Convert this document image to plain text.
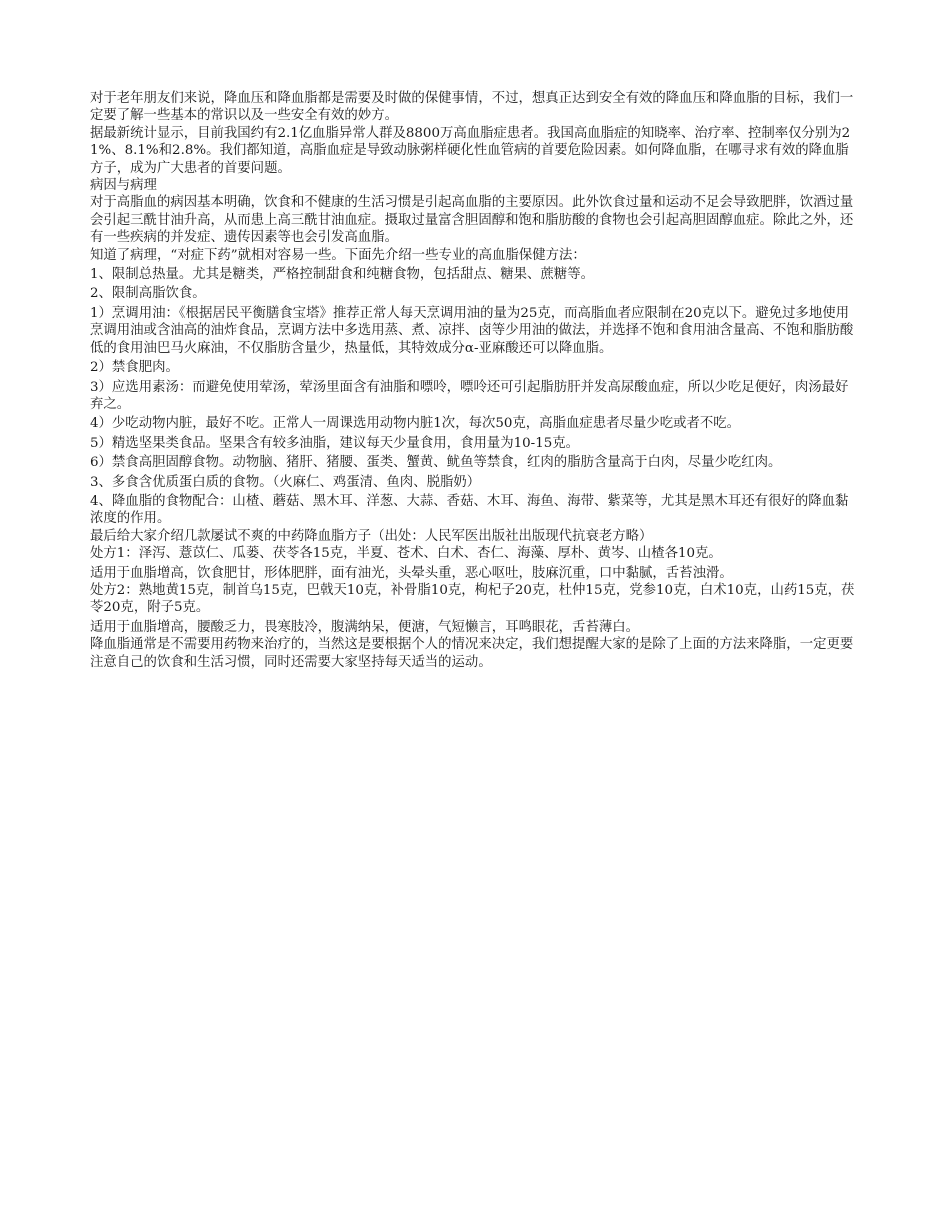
对于老年朋友们来说，降血压和降血脂都是需要及时做的保健事情，不过，想真正达到安全有效的降血压和降血脂的目标，我们一定要了解一些基本的常识以及一些安全有效的妙方。

据最新统计显示，目前我国约有2.1亿血脂异常人群及8800万高血脂症患者。我国高血脂症的知晓率、治疗率、控制率仅分别为21%、8.1%和2.8%。我们都知道，高脂血症是导致动脉粥样硬化性血管病的首要危险因素。如何降血脂，在哪寻求有效的降血脂方子，成为广大患者的首要问题。

病因与病理

对于高脂血的病因基本明确，饮食和不健康的生活习惯是引起高血脂的主要原因。此外饮食过量和运动不足会导致肥胖，饮酒过量会引起三酰甘油升高，从而患上高三酰甘油血症。摄取过量富含胆固醇和饱和脂肪酸的食物也会引起高胆固醇血症。除此之外，还有一些疾病的并发症、遗传因素等也会引发高血脂。

知道了病理，“对症下药”就相对容易一些。下面先介绍一些专业的高血脂保健方法：

1、限制总热量。尤其是糖类，严格控制甜食和纯糖食物，包括甜点、糖果、蔗糖等。

2、限制高脂饮食。

1）烹调用油：《根据居民平衡膳食宝塔》推荐正常人每天烹调用油的量为25克，而高脂血者应限制在20克以下。避免过多地使用烹调用油或含油高的油炸食品，烹调方法中多选用蒸、煮、凉拌、卤等少用油的做法，并选择不饱和食用油含量高、不饱和脂肪酸低的食用油巴马火麻油，不仅脂肪含量少，热量低，其特效成分α-亚麻酸还可以降血脂。

2）禁食肥肉。

3）应选用素汤：而避免使用荤汤，荤汤里面含有油脂和嘌呤，嘌呤还可引起脂肪肝并发高尿酸血症，所以少吃足便好，肉汤最好弃之。

4）少吃动物内脏，最好不吃。正常人一周课选用动物内脏1次，每次50克，高脂血症患者尽量少吃或者不吃。

5）精选坚果类食品。坚果含有较多油脂，建议每天少量食用，食用量为10-15克。

6）禁食高胆固醇食物。动物脑、猪肝、猪腰、蛋类、蟹黄、鱿鱼等禁食，红肉的脂肪含量高于白肉，尽量少吃红肉。

3、多食含优质蛋白质的食物。（火麻仁、鸡蛋清、鱼肉、脱脂奶）

4、降血脂的食物配合：山楂、蘑菇、黑木耳、洋葱、大蒜、香菇、木耳、海鱼、海带、紫菜等，尤其是黑木耳还有很好的降血黏浓度的作用。

最后给大家介绍几款屡试不爽的中药降血脂方子（出处：人民军医出版社出版现代抗衰老方略）

处方1：泽泻、薏苡仁、瓜蒌、茯苓各15克，半夏、苍术、白术、杏仁、海藻、厚朴、黄岑、山楂各10克。

适用于血脂增高，饮食肥甘，形体肥胖，面有油光，头晕头重，恶心呕吐，肢麻沉重，口中黏腻，舌苔浊滑。

处方2：熟地黄15克，制首乌15克，巴戟天10克，补骨脂10克，枸杞子20克，杜仲15克，党参10克，白术10克，山药15克，茯苓20克，附子5克。

适用于血脂增高，腰酸乏力，畏寒肢冷，腹满纳呆，便溏，气短懒言，耳鸣眼花，舌苔薄白。

降血脂通常是不需要用药物来治疗的，当然这是要根据个人的情况来决定，我们想提醒大家的是除了上面的方法来降脂，一定更要注意自己的饮食和生活习惯，同时还需要大家坚持每天适当的运动。
